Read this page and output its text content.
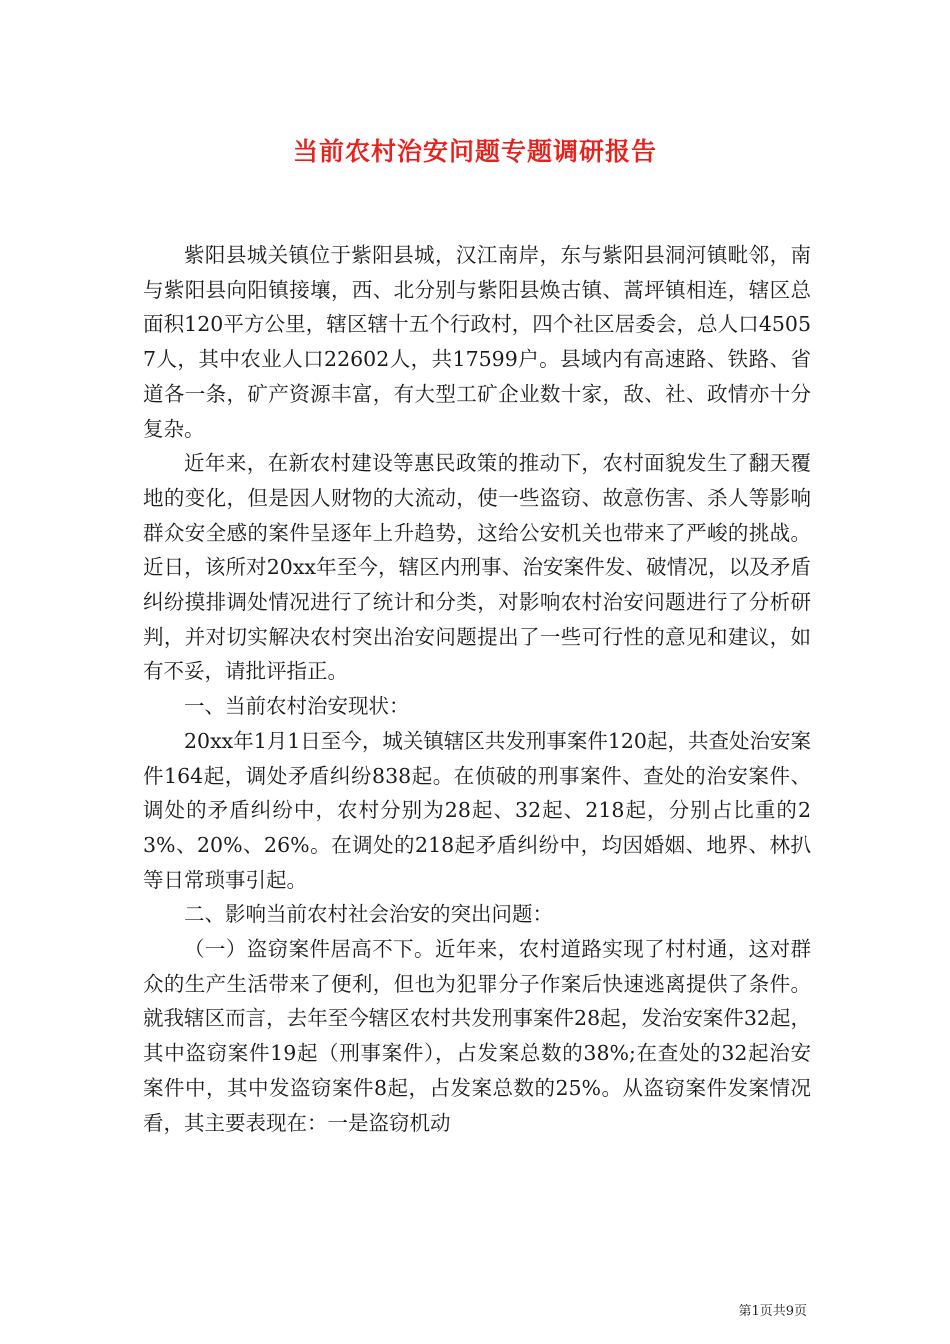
当前农村治安问题专题调研报告

紫阳县城关镇位于紫阳县城，汉江南岸，东与紫阳县洞河镇毗邻，南与紫阳县向阳镇接壤，西、北分别与紫阳县焕古镇、蒿坪镇相连，辖区总面积120平方公里，辖区辖十五个行政村，四个社区居委会，总人口45057人，其中农业人口22602人，共17599户。县域内有高速路、铁路、省道各一条，矿产资源丰富，有大型工矿企业数十家，敌、社、政情亦十分复杂。

近年来，在新农村建设等惠民政策的推动下，农村面貌发生了翻天覆地的变化，但是因人财物的大流动，使一些盗窃、故意伤害、杀人等影响群众安全感的案件呈逐年上升趋势，这给公安机关也带来了严峻的挑战。近日，该所对20xx年至今，辖区内刑事、治安案件发、破情况，以及矛盾纠纷摸排调处情况进行了统计和分类，对影响农村治安问题进行了分析研判，并对切实解决农村突出治安问题提出了一些可行性的意见和建议，如有不妥，请批评指正。

一、当前农村治安现状：

20xx年1月1日至今，城关镇辖区共发刑事案件120起，共查处治安案件164起，调处矛盾纠纷838起。在侦破的刑事案件、查处的治安案件、调处的矛盾纠纷中，农村分别为28起、32起、218起，分别占比重的23%、20%、26%。在调处的218起矛盾纠纷中，均因婚姻、地界、林扒等日常琐事引起。

二、影响当前农村社会治安的突出问题：

（一）盗窃案件居高不下。近年来，农村道路实现了村村通，这对群众的生产生活带来了便利，但也为犯罪分子作案后快速逃离提供了条件。就我辖区而言，去年至今辖区农村共发刑事案件28起，发治安案件32起，其中盗窃案件19起（刑事案件），占发案总数的38%;在查处的32起治安案件中，其中发盗窃案件8起，占发案总数的25%。从盗窃案件发案情况看，其主要表现在：一是盗窃机动

第1页共9页
